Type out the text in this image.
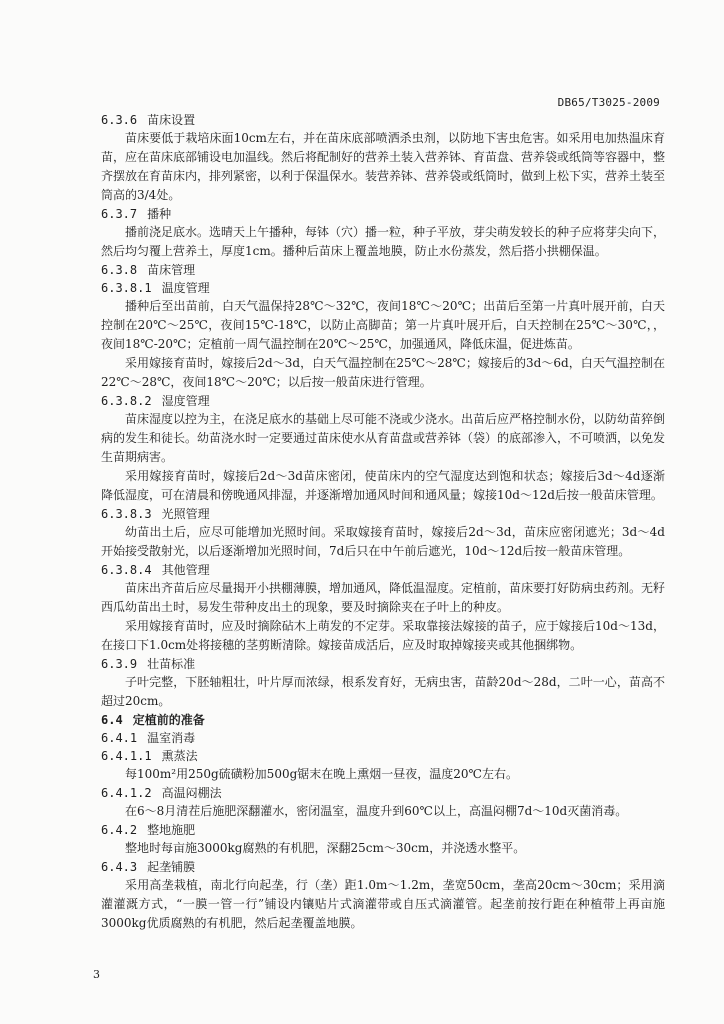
DB65/T3025-2009
6.3.6 苗床设置

苗床要低于栽培床面10cm左右，并在苗床底部喷洒杀虫剂，以防地下害虫危害。如采用电加热温床育苗，应在苗床底部铺设电加温线。然后将配制好的营养土装入营养钵、育苗盘、营养袋或纸筒等容器中，整齐摆放在育苗床内，排列紧密，以利于保温保水。装营养钵、营养袋或纸筒时，做到上松下实，营养土装至筒高的3/4处。

6.3.7 播种

播前浇足底水。选晴天上午播种，每钵（穴）播一粒，种子平放，芽尖萌发较长的种子应将芽尖向下，然后均匀覆上营养土，厚度1cm。播种后苗床上覆盖地膜，防止水份蒸发，然后搭小拱棚保温。

6.3.8 苗床管理
6.3.8.1 温度管理

播种后至出苗前，白天气温保持28℃～32℃，夜间18℃～20℃；出苗后至第一片真叶展开前，白天控制在20℃～25℃，夜间15℃-18℃，以防止高脚苗；第一片真叶展开后，白天控制在25℃～30℃，，夜间18℃-20℃；定植前一周气温控制在20℃～25℃，加强通风，降低床温，促进炼苗。

采用嫁接育苗时，嫁接后2d～3d，白天气温控制在25℃～28℃；嫁接后的3d～6d，白天气温控制在22℃～28℃，夜间18℃～20℃；以后按一般苗床进行管理。

6.3.8.2 湿度管理

苗床湿度以控为主，在浇足底水的基础上尽可能不浇或少浇水。出苗后应严格控制水份，以防幼苗猝倒病的发生和徒长。幼苗浇水时一定要通过苗床使水从育苗盘或营养钵（袋）的底部渗入，不可喷洒，以免发生苗期病害。

采用嫁接育苗时，嫁接后2d～3d苗床密闭，使苗床内的空气湿度达到饱和状态；嫁接后3d～4d逐渐降低湿度，可在清晨和傍晚通风排湿，并逐渐增加通风时间和通风量；嫁接10d～12d后按一般苗床管理。

6.3.8.3 光照管理

幼苗出土后，应尽可能增加光照时间。采取嫁接育苗时，嫁接后2d～3d，苗床应密闭遮光；3d～4d开始接受散射光，以后逐渐增加光照时间，7d后只在中午前后遮光，10d～12d后按一般苗床管理。

6.3.8.4 其他管理

苗床出齐苗后应尽量揭开小拱棚薄膜，增加通风，降低温湿度。定植前，苗床要打好防病虫药剂。无籽西瓜幼苗出土时，易发生带种皮出土的现象，要及时摘除夹在子叶上的种皮。

采用嫁接育苗时，应及时摘除砧木上萌发的不定芽。采取靠接法嫁接的苗子，应于嫁接后10d～13d，在接口下1.0cm处将接穗的茎剪断清除。嫁接苗成活后，应及时取掉嫁接夹或其他捆绑物。

6.3.9 壮苗标准

子叶完整，下胚轴粗壮，叶片厚而浓绿，根系发育好，无病虫害，苗龄20d～28d，二叶一心，苗高不超过20cm。

6.4 定植前的准备
6.4.1 温室消毒
6.4.1.1 熏蒸法

每100m²用250g硫磺粉加500g锯末在晚上熏烟一昼夜，温度20℃左右。

6.4.1.2 高温闷棚法

在6～8月清茬后施肥深翻灌水，密闭温室，温度升到60℃以上，高温闷棚7d～10d灭菌消毒。

6.4.2 整地施肥

整地时每亩施3000kg腐熟的有机肥，深翻25cm～30cm，并浇透水整平。

6.4.3 起垄铺膜

采用高垄栽植，南北行向起垄，行（垄）距1.0m～1.2m，垄宽50cm，垄高20cm～30cm；采用滴灌灌溉方式，“一膜一管一行”铺设内镶贴片式滴灌带或自压式滴灌管。起垄前按行距在种植带上再亩施3000kg优质腐熟的有机肥，然后起垄覆盖地膜。

3
